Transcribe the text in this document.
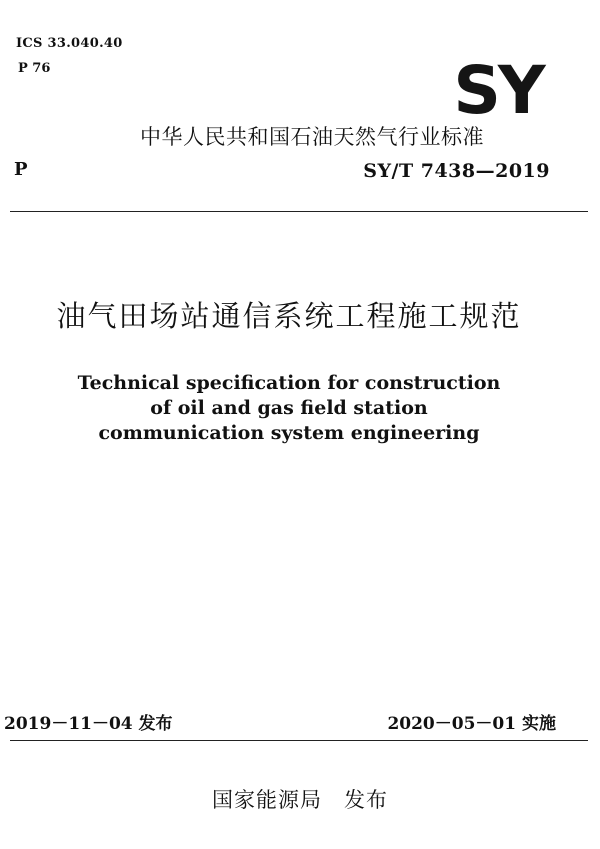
ICS 33.040.40
P 76	SY
中华人民共和国石油天然气行业标准
P	SY/T 7438—2019
油气田场站通信系统工程施工规范
Technical specification for construction
of oil and gas field station
communication system engineering
2019－11－04 发布	2020－05－01 实施
国家能源局　发布
